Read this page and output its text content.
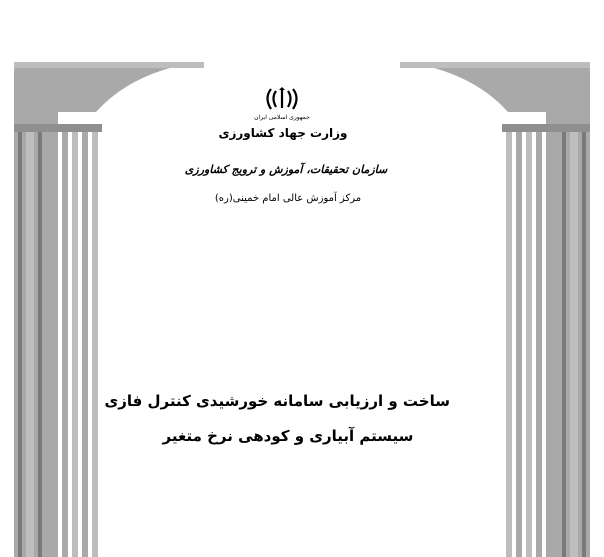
جمهوری اسلامی ایران
وزارت جهاد کشاورزی
سازمان تحقیقات، آموزش و ترویج کشاورزی
مرکز آموزش عالی امام خمینی(ره)
ساخت و ارزیابی سامانه خورشیدی کنترل فازی
سیستم آبیاری و کودهی نرخ متغیر
